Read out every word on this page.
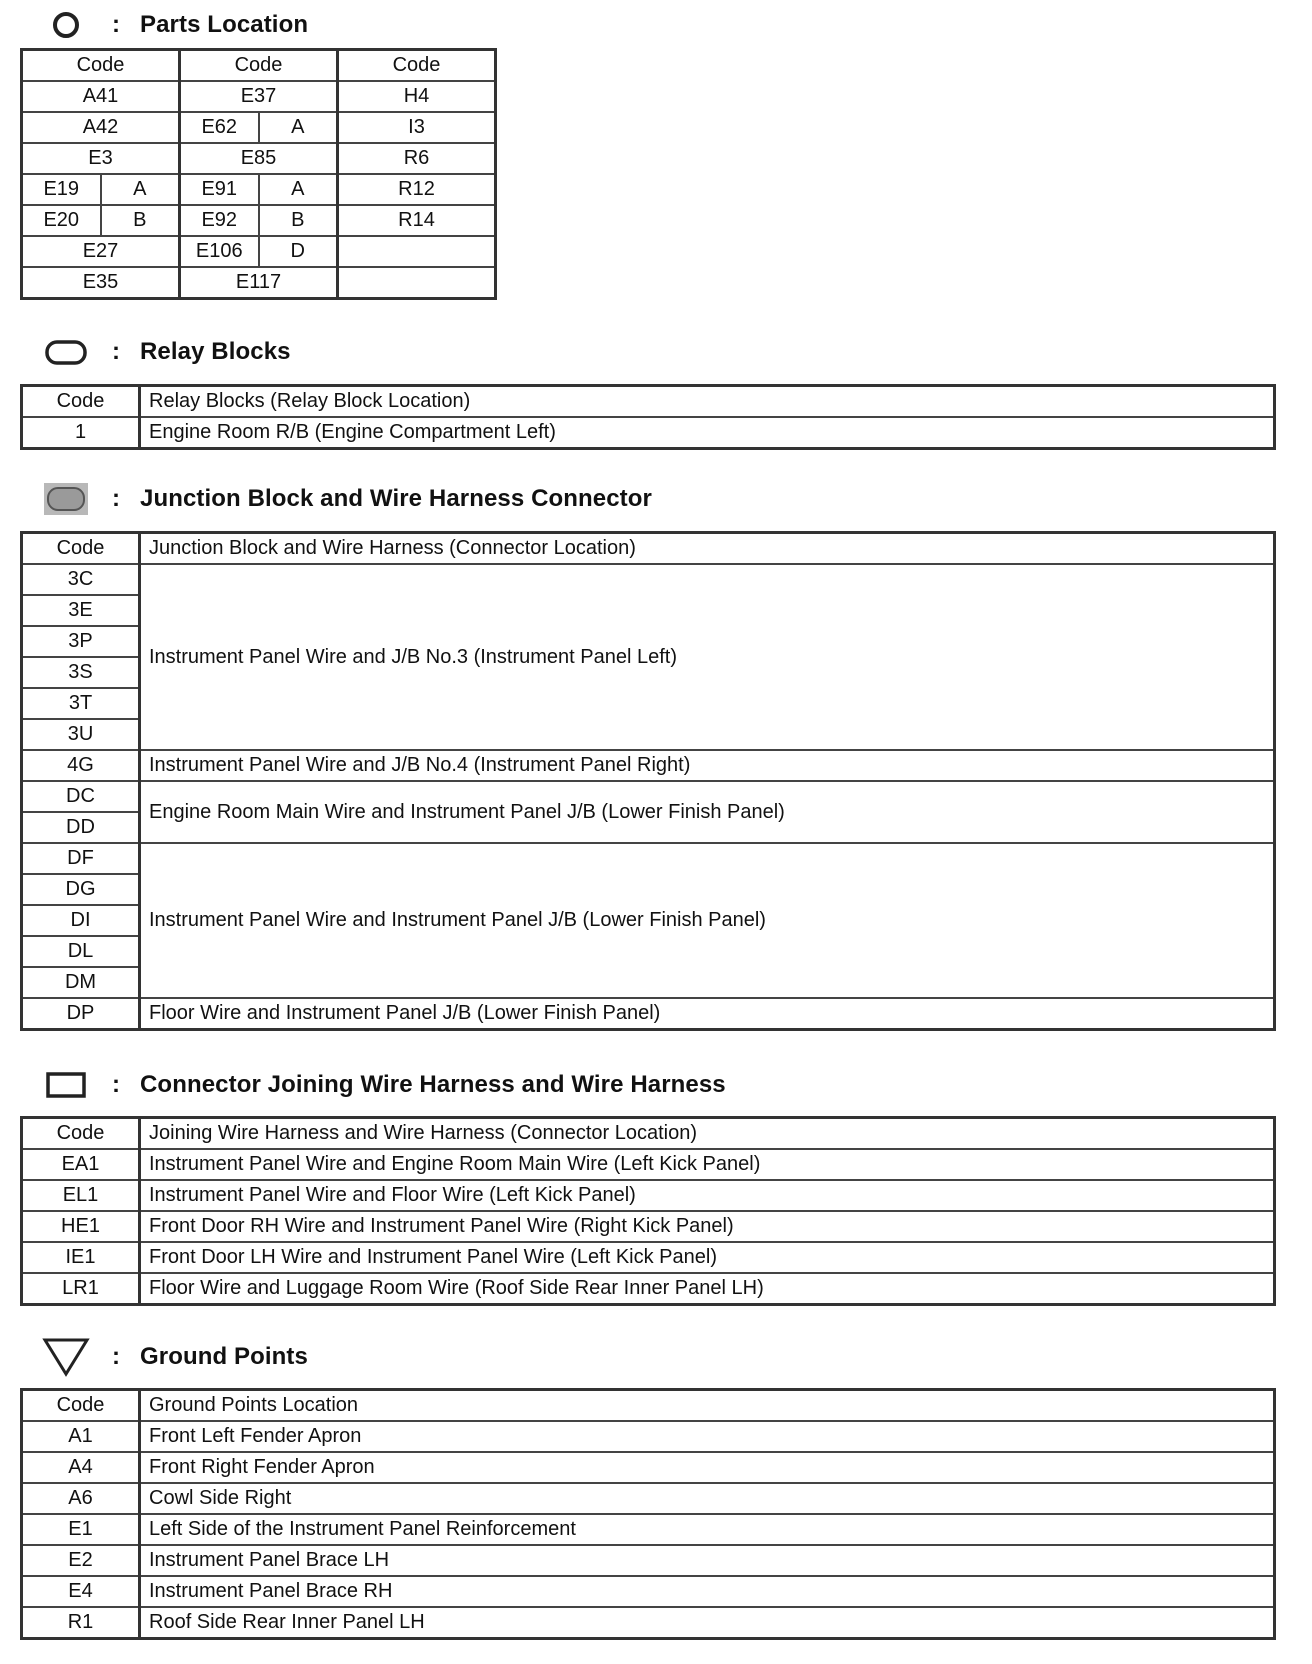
: Parts Location
Code		Code		Code
A41		E37		H4
A42		E62	A	I3
E3		E85		R6
E19	A	E91	A	R12
E20	B	E92	B	R14
E27		E106	D	
E35		E117		
: Relay Blocks
Code	Relay Blocks (Relay Block Location)
1	Engine Room R/B (Engine Compartment Left)
: Junction Block and Wire Harness Connector
Code	Junction Block and Wire Harness (Connector Location)
3C	Instrument Panel Wire and J/B No.3 (Instrument Panel Left)
3E	
3P	
3S	
3T	
3U	
4G	Instrument Panel Wire and J/B No.4 (Instrument Panel Right)
DC	Engine Room Main Wire and Instrument Panel J/B (Lower Finish Panel)
DD	
DF	Instrument Panel Wire and Instrument Panel J/B (Lower Finish Panel)
DG	
DI	
DL	
DM	
DP	Floor Wire and Instrument Panel J/B (Lower Finish Panel)
: Connector Joining Wire Harness and Wire Harness
Code	Joining Wire Harness and Wire Harness (Connector Location)
EA1	Instrument Panel Wire and Engine Room Main Wire (Left Kick Panel)
EL1	Instrument Panel Wire and Floor Wire (Left Kick Panel)
HE1	Front Door RH Wire and Instrument Panel Wire (Right Kick Panel)
IE1	Front Door LH Wire and Instrument Panel Wire (Left Kick Panel)
LR1	Floor Wire and Luggage Room Wire (Roof Side Rear Inner Panel LH)
: Ground Points
Code	Ground Points Location
A1	Front Left Fender Apron
A4	Front Right Fender Apron
A6	Cowl Side Right
E1	Left Side of the Instrument Panel Reinforcement
E2	Instrument Panel Brace LH
E4	Instrument Panel Brace RH
R1	Roof Side Rear Inner Panel LH
